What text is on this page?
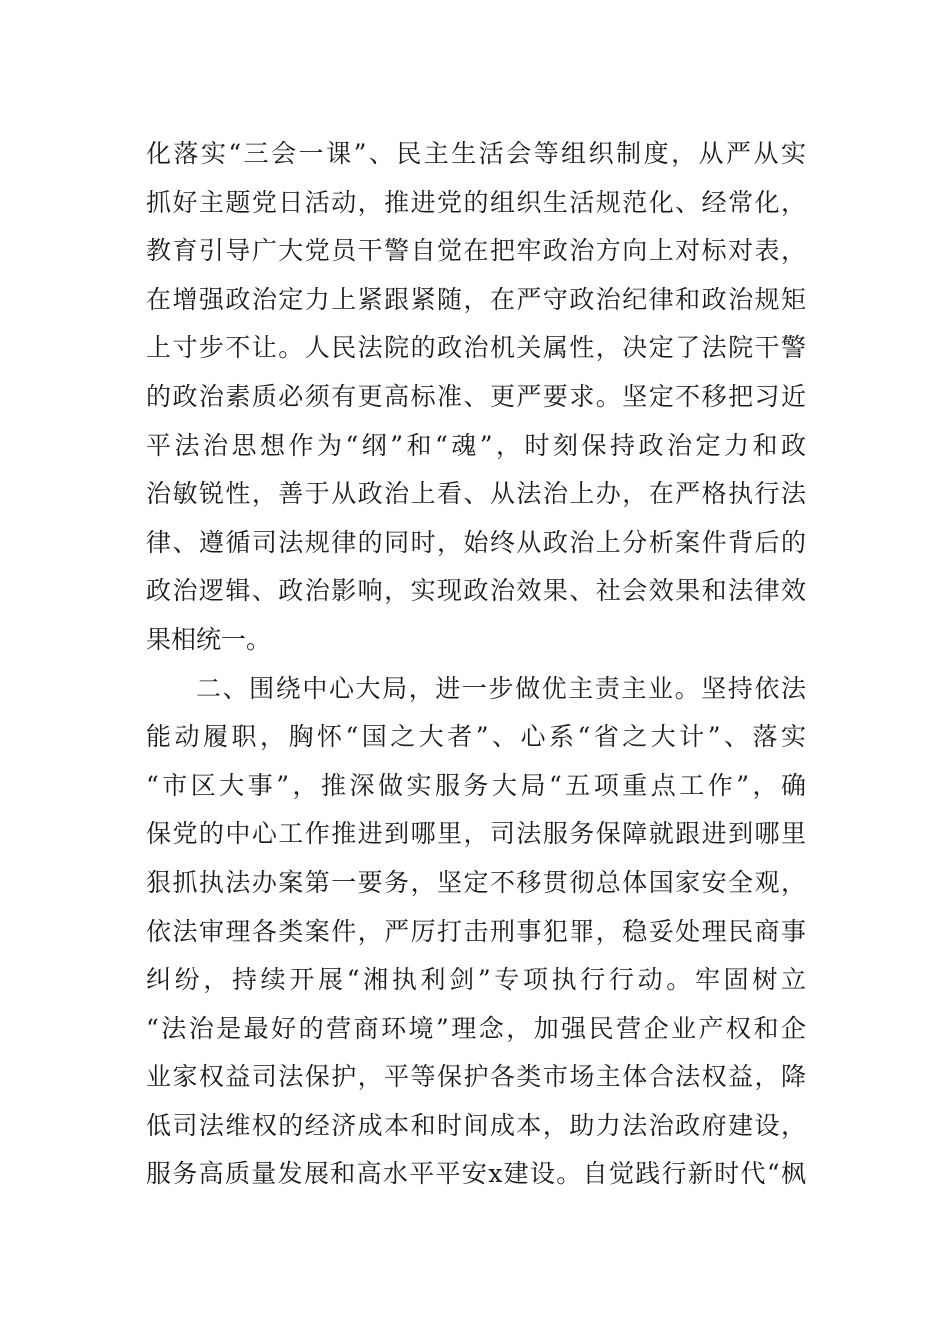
化落实“三会一课”、民主生活会等组织制度，从严从实
抓好主题党日活动，推进党的组织生活规范化、经常化，
教育引导广大党员干警自觉在把牢政治方向上对标对表，
在增强政治定力上紧跟紧随，在严守政治纪律和政治规矩
上寸步不让。人民法院的政治机关属性，决定了法院干警
的政治素质必须有更高标准、更严要求。坚定不移把习近
平法治思想作为“纲”和“魂”，时刻保持政治定力和政
治敏锐性，善于从政治上看、从法治上办，在严格执行法
律、遵循司法规律的同时，始终从政治上分析案件背后的
政治逻辑、政治影响，实现政治效果、社会效果和法律效
果相统一。
二、围绕中心大局，进一步做优主责主业。坚持依法
能动履职，胸怀“国之大者”、心系“省之大计”、落实
“市区大事”，推深做实服务大局“五项重点工作”，确
保党的中心工作推进到哪里，司法服务保障就跟进到哪里
狠抓执法办案第一要务，坚定不移贯彻总体国家安全观，
依法审理各类案件，严厉打击刑事犯罪，稳妥处理民商事
纠纷，持续开展“湘执利剑”专项执行行动。牢固树立
“法治是最好的营商环境”理念，加强民营企业产权和企
业家权益司法保护，平等保护各类市场主体合法权益，降
低司法维权的经济成本和时间成本，助力法治政府建设，
服务高质量发展和高水平平安x建设。自觉践行新时代“枫
